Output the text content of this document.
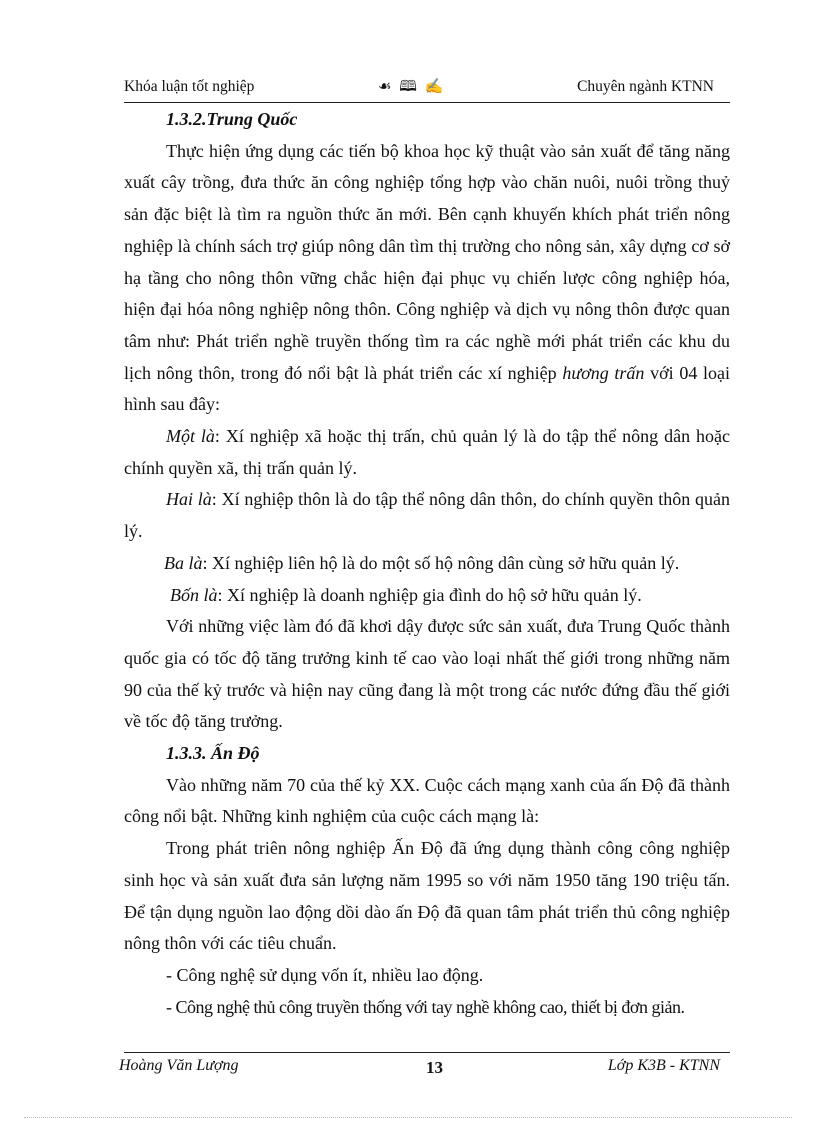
Khóa luận tốt nghiệp	☙ 🕮 ✍	Chuyên ngành KTNN

1.3.2.Trung Quốc

Thực hiện ứng dụng các tiến bộ khoa học kỹ thuật vào sản xuất để tăng năng xuất cây trồng, đưa thức ăn công nghiệp tổng hợp vào chăn nuôi, nuôi trồng thuỷ sản đặc biệt là tìm ra nguồn thức ăn mới. Bên cạnh khuyến khích phát triển nông nghiệp là chính sách trợ giúp nông dân tìm thị trường cho nông sản, xây dựng cơ sở hạ tầng cho nông thôn vững chắc hiện đại phục vụ chiến lược công nghiệp hóa, hiện đại hóa nông nghiệp nông thôn. Công nghiệp và dịch vụ nông thôn được quan tâm như: Phát triển nghề truyền thống tìm ra các nghề mới phát triển các khu du lịch nông thôn, trong đó nổi bật là phát triển các xí nghiệp hương trấn với 04 loại hình sau đây:

Một là: Xí nghiệp xã hoặc thị trấn, chủ quản lý là do tập thể nông dân hoặc chính quyền xã, thị trấn quản lý.

Hai là: Xí nghiệp thôn là do tập thể nông dân thôn, do chính quyền thôn quản lý.

Ba là: Xí nghiệp liên hộ là do một số hộ nông dân cùng sở hữu quản lý.

Bốn là: Xí nghiệp là doanh nghiệp gia đình do hộ sở hữu quản lý.

Với những việc làm đó đã khơi dậy được sức sản xuất, đưa Trung Quốc thành quốc gia có tốc độ tăng trưởng kinh tế cao vào loại nhất thế giới trong những năm 90 của thế kỷ trước và hiện nay cũng đang là một trong các nước đứng đầu thế giới về tốc độ tăng trưởng.

1.3.3. Ấn Độ

Vào những năm 70 của thế kỷ XX. Cuộc cách mạng xanh của ấn Độ đã thành công nổi bật. Những kinh nghiệm của cuộc cách mạng là:

Trong phát triên nông nghiệp Ấn Độ đã ứng dụng thành công công nghiệp sinh học và sản xuất đưa sản lượng năm 1995 so với năm 1950 tăng 190 triệu tấn. Để tận dụng nguồn lao động dồi dào ấn Độ đã quan tâm phát triển thủ công nghiệp nông thôn với các tiêu chuẩn.

- Công nghệ sử dụng vốn ít, nhiều lao động.

- Công nghệ thủ công truyền thống với tay nghề không cao, thiết bị đơn giản.

Hoàng Văn Lượng	13	Lớp K3B - KTNN
